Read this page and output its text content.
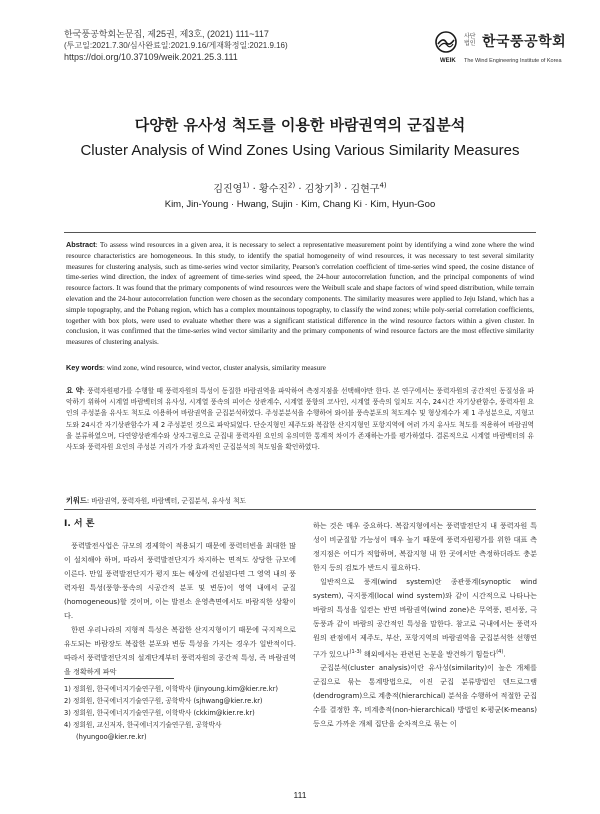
한국풍공학회논문집, 제25권, 제3호, (2021) 111~117
(투고일:2021.7.30/심사완료일:2021.9.16/게재확정일:2021.9.16)
https://doi.org/10.37109/weik.2021.25.3.111
사단
법인 한국풍공학회
WEIK The Wind Engineering Institute of Korea
다양한 유사성 척도를 이용한 바람권역의 군집분석
Cluster Analysis of Wind Zones Using Various Similarity Measures
김진영$^{1)}$ · 황수진$^{2)}$ · 김창기$^{3)}$ · 김현구$^{4)}$
Kim, Jin-Young · Hwang, Sujin · Kim, Chang Ki · Kim, Hyun-Goo
Abstract: To assess wind resources in a given area, it is necessary to select a representative measurement point by identifying a wind zone where the wind resource characteristics are homogeneous. In this study, to identify the spatial homogeneity of wind resources, it was necessary to test several similarity measures for clustering analysis, such as time-series wind vector similarity, Pearson's correlation coefficient of time-series wind speed, the cosine distance of time-series wind direction, the index of agreement of time-series wind speed, the 24-hour autocorrelation function, and the principal components of wind resource factors. It was found that the primary components of wind resources were the Weibull scale and shape factors of wind speed distribution, while terrain elevation and the 24-hour autocorrelation function were chosen as the secondary components. The similarity measures were applied to Jeju Island, which has a simple topography, and the Pohang region, which has a complex mountainous topography, to classify the wind zones; while poly-serial correlation coefficients, together with box plots, were used to evaluate whether there was a significant statistical difference in the wind resource factors within a given cluster. In conclusion, it was confirmed that the time-series wind vector similarity and the primary components of wind resource factors are the most effective similarity measures of clustering analysis.
Key words: wind zone, wind resource, wind vector, cluster analysis, similarity measure
요 약: 풍력자원평가를 수행할 때 풍력자원의 특성이 동질한 바람권역을 파악하여 측정지점을 선택해야만 한다. 본 연구에서는 풍력자원의 공간적인 동질성을 파악하기 위하여 시계열 바람벡터의 유사성, 시계열 풍속의 피어슨 상관계수, 시계열 풍향의 코사인, 시계열 풍속의 일치도 지수, 24시간 자기상관함수, 풍력자원 요인의 주성분을 유사도 척도로 이용하여 바람권역을 군집분석하였다. 주성분분석을 수행하여 와이블 풍속분포의 척도계수 및 형상계수가 제 1 주성분으로, 지형고도와 24시간 자기상관함수가 제 2 주성분인 것으로 파악되었다. 단순지형인 제주도와 복잡한 산지지형인 포항지역에 여러 가지 유사도 척도를 적용하여 바람권역을 분류하였으며, 다연양상관계수와 상자그림으로 군집내 풍력자원 요인의 유의미한 통계적 차이가 존재하는가를 평가하였다. 결론적으로 시계열 바람벡터의 유사도와 풍력자원 요인의 주성분 거리가 가장 효과적인 군집분석의 척도임을 확인하였다.
키워드: 바람권역, 풍력자원, 바람벡터, 군집분석, 유사성 척도
I. 서 론

풍력발전사업은 규모의 경제학이 적용되기 때문에 풍력터빈을 최대한 많이 설치해야 하며, 따라서 풍력발전단지가 차지하는 면적도 상당한 규모에 이른다. 만일 풍력발전단지가 평지 또는 해상에 건설된다면 그 영역 내의 풍력자원 특성(풍향·풍속의 시공간적 분포 및 변동)이 영역 내에서 균질(homogeneous)할 것이며, 이는 발전소 운영측면에서도 바람직한 상황이다.

한편 우리나라의 지형적 특성은 복잡한 산지지형이기 때문에 국지적으로 유도되는 바람장도 복잡한 분포와 변동 특성을 가지는 경우가 일반적이다. 따라서 풍력발전단지의 설계단계부터 풍력자원의 공간적 특성, 즉 바람권역을 정확하게 파악

하는 것은 매우 중요하다. 복잡지형에서는 풍력발전단지 내 풍력자원 특성이 비균질할 가능성이 매우 높기 때문에 풍력자원평가를 위한 대표 측정지점은 어디가 적합하며, 복잡지형 내 한 곳에서만 측정하더라도 충분한지 등의 검토가 반드시 필요하다.

일반적으로 풍계(wind system)란 종관풍계(synoptic wind system), 국지풍계(local wind system)와 같이 시간적으로 나타나는 바람의 특성을 일컫는 반면 바람권역(wind zone)은 무역풍, 편서풍, 극동풍과 같이 바람의 공간적인 특성을 말한다. 참고로 국내에서는 풍력자원의 관점에서 제주도, 부산, 포항지역의 바람권역을 군집분석한 선행연구가 있으나$^{(1-3)}$ 해외에서는 관련된 논문을 발견하기 힘들다$^{(4)}$.

군집분석(cluster analysis)이란 유사성(similarity)이 높은 개체를 군집으로 묶는 통계방법으로, 이진 군집 분류방법인 덴드로그램(dendrogram)으로 계층적(hierarchical) 분석을 수행하여 적절한 군집수를 결정한 후, 비계층적(non-hierarchical) 방법인 K-평균(K-means) 등으로 가까운 개체 집단을 순차적으로 묶는 이

1) 정회원, 한국에너지기술연구원, 이학박사 (jinyoung.kim@kier.re.kr)
2) 정회원, 한국에너지기술연구원, 공학박사 (sjhwang@kier.re.kr)
3) 정회원, 한국에너지기술연구원, 이학박사 (ckkim@kier.re.kr)
4) 정회원, 교신저자, 한국에너지기술연구원, 공학박사
(hyungoo@kier.re.kr)
111
